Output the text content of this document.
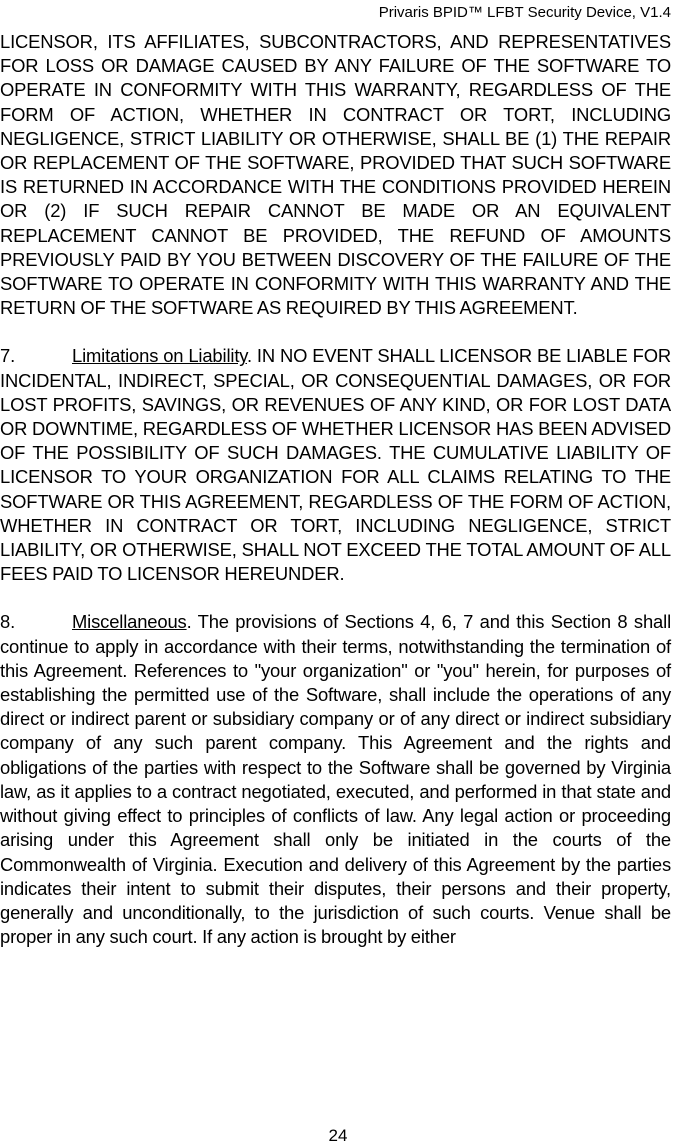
Privaris BPID™ LFBT Security Device, V1.4

LICENSOR, ITS AFFILIATES, SUBCONTRACTORS, AND REPRESENTATIVES FOR LOSS OR DAMAGE CAUSED BY ANY FAILURE OF THE SOFTWARE TO OPERATE IN CONFORMITY WITH THIS WARRANTY, REGARDLESS OF THE FORM OF ACTION, WHETHER IN CONTRACT OR TORT, INCLUDING NEGLIGENCE, STRICT LIABILITY OR OTHERWISE, SHALL BE (1) THE REPAIR OR REPLACEMENT OF THE SOFTWARE, PROVIDED THAT SUCH SOFTWARE IS RETURNED IN ACCORDANCE WITH THE CONDITIONS PROVIDED HEREIN OR (2) IF SUCH REPAIR CANNOT BE MADE OR AN EQUIVALENT REPLACEMENT CANNOT BE PROVIDED, THE REFUND OF AMOUNTS PREVIOUSLY PAID BY YOU BETWEEN DISCOVERY OF THE FAILURE OF THE SOFTWARE TO OPERATE IN CONFORMITY WITH THIS WARRANTY AND THE RETURN OF THE SOFTWARE AS REQUIRED BY THIS AGREEMENT.

7.	Limitations on Liability. IN NO EVENT SHALL LICENSOR BE LIABLE FOR INCIDENTAL, INDIRECT, SPECIAL, OR CONSEQUENTIAL DAMAGES, OR FOR LOST PROFITS, SAVINGS, OR REVENUES OF ANY KIND, OR FOR LOST DATA OR DOWNTIME, REGARDLESS OF WHETHER LICENSOR HAS BEEN ADVISED OF THE POSSIBILITY OF SUCH DAMAGES. THE CUMULATIVE LIABILITY OF LICENSOR TO YOUR ORGANIZATION FOR ALL CLAIMS RELATING TO THE SOFTWARE OR THIS AGREEMENT, REGARDLESS OF THE FORM OF ACTION, WHETHER IN CONTRACT OR TORT, INCLUDING NEGLIGENCE, STRICT LIABILITY, OR OTHERWISE, SHALL NOT EXCEED THE TOTAL AMOUNT OF ALL FEES PAID TO LICENSOR HEREUNDER.

8.	Miscellaneous. The provisions of Sections 4, 6, 7 and this Section 8 shall continue to apply in accordance with their terms, notwithstanding the termination of this Agreement. References to "your organization" or "you" herein, for purposes of establishing the permitted use of the Software, shall include the operations of any direct or indirect parent or subsidiary company or of any direct or indirect subsidiary company of any such parent company. This Agreement and the rights and obligations of the parties with respect to the Software shall be governed by Virginia law, as it applies to a contract negotiated, executed, and performed in that state and without giving effect to principles of conflicts of law. Any legal action or proceeding arising under this Agreement shall only be initiated in the courts of the Commonwealth of Virginia. Execution and delivery of this Agreement by the parties indicates their intent to submit their disputes, their persons and their property, generally and unconditionally, to the jurisdiction of such courts. Venue shall be proper in any such court. If any action is brought by either

24
